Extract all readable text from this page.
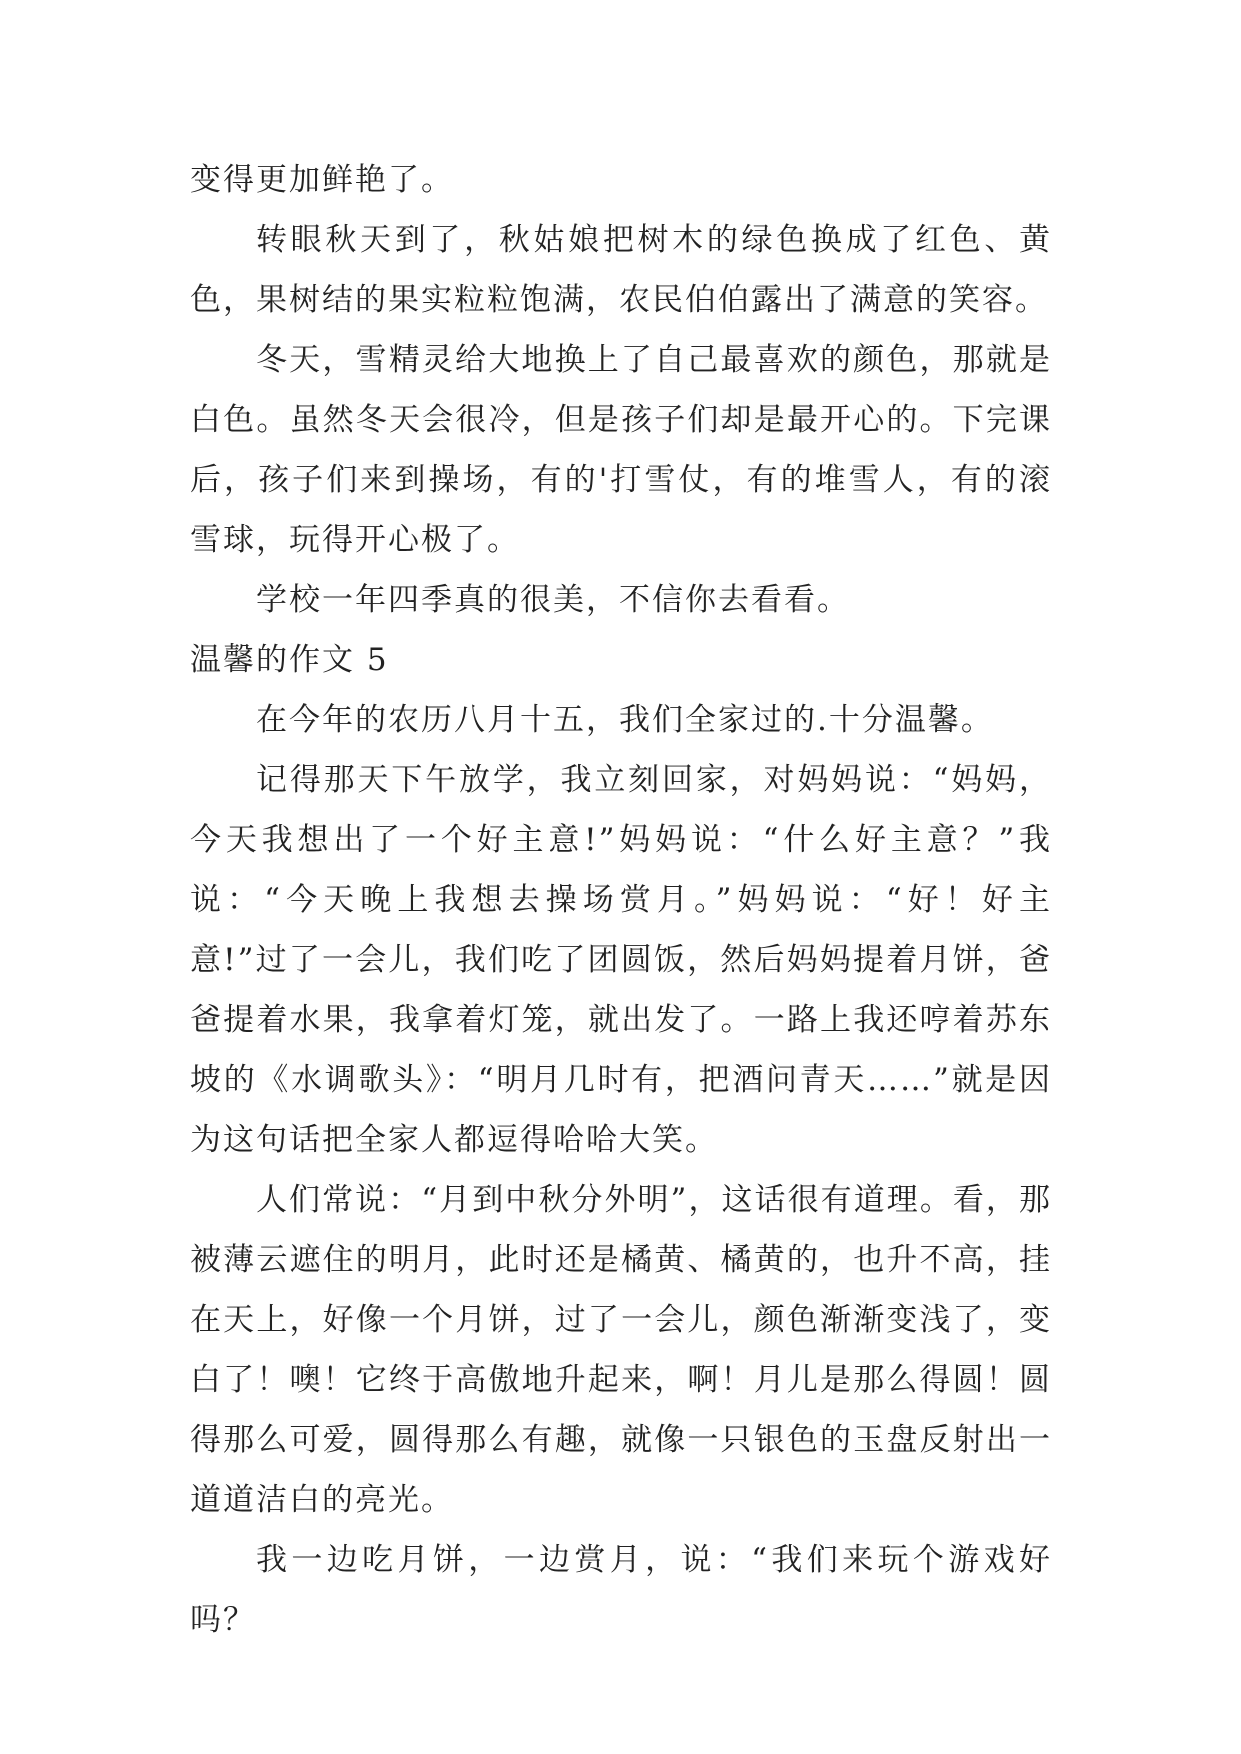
变得更加鲜艳了。

转眼秋天到了，秋姑娘把树木的绿色换成了红色、黄色，果树结的果实粒粒饱满，农民伯伯露出了满意的笑容。

冬天，雪精灵给大地换上了自己最喜欢的颜色，那就是白色。虽然冬天会很冷，但是孩子们却是最开心的。下完课后，孩子们来到操场，有的'打雪仗，有的堆雪人，有的滚雪球，玩得开心极了。

学校一年四季真的很美，不信你去看看。

温馨的作文 5

在今年的农历八月十五，我们全家过的.十分温馨。

记得那天下午放学，我立刻回家，对妈妈说：“妈妈，今天我想出了一个好主意!”妈妈说：“什么好主意？”我说：“今天晚上我想去操场赏月。”妈妈说：“好！好主意!”过了一会儿，我们吃了团圆饭，然后妈妈提着月饼，爸爸提着水果，我拿着灯笼，就出发了。一路上我还哼着苏东坡的《水调歌头》：“明月几时有，把酒问青天……”就是因为这句话把全家人都逗得哈哈大笑。

人们常说：“月到中秋分外明”，这话很有道理。看，那被薄云遮住的明月，此时还是橘黄、橘黄的，也升不高，挂在天上，好像一个月饼，过了一会儿，颜色渐渐变浅了，变白了！噢！它终于高傲地升起来，啊！月儿是那么得圆！圆得那么可爱，圆得那么有趣，就像一只银色的玉盘反射出一道道洁白的亮光。

我一边吃月饼，一边赏月，说：“我们来玩个游戏好吗？
